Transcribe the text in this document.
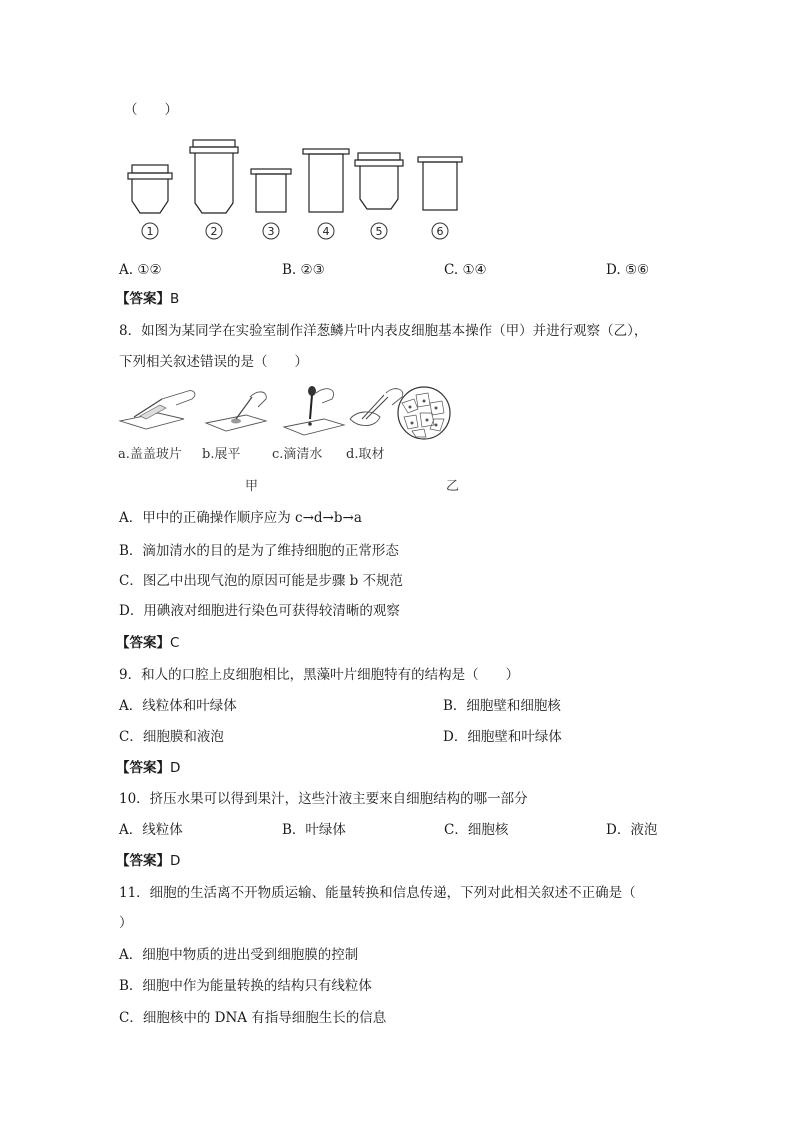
（　　）
1	2	3	4	5	6
A. ①②	B. ②③	C. ①④	D. ⑤⑥
【答案】B
8．如图为某同学在实验室制作洋葱鳞片叶内表皮细胞基本操作（甲）并进行观察（乙），
下列相关叙述错误的是（　　）
a.盖盖玻片 b.展平 c.滴清水 d.取材
甲	乙
A．甲中的正确操作顺序应为 c→d→b→a
B．滴加清水的目的是为了维持细胞的正常形态
C．图乙中出现气泡的原因可能是步骤 b 不规范
D．用碘液对细胞进行染色可获得较清晰的观察
【答案】C
9．和人的口腔上皮细胞相比，黑藻叶片细胞特有的结构是（　　）
A．线粒体和叶绿体	B．细胞壁和细胞核
C．细胞膜和液泡	D．细胞壁和叶绿体
【答案】D
10．挤压水果可以得到果汁，这些汁液主要来自细胞结构的哪一部分
A．线粒体	B．叶绿体	C．细胞核	D．液泡
【答案】D
11．细胞的生活离不开物质运输、能量转换和信息传递，下列对此相关叙述不正确是（
）
A．细胞中物质的进出受到细胞膜的控制
B．细胞中作为能量转换的结构只有线粒体
C．细胞核中的 DNA 有指导细胞生长的信息
